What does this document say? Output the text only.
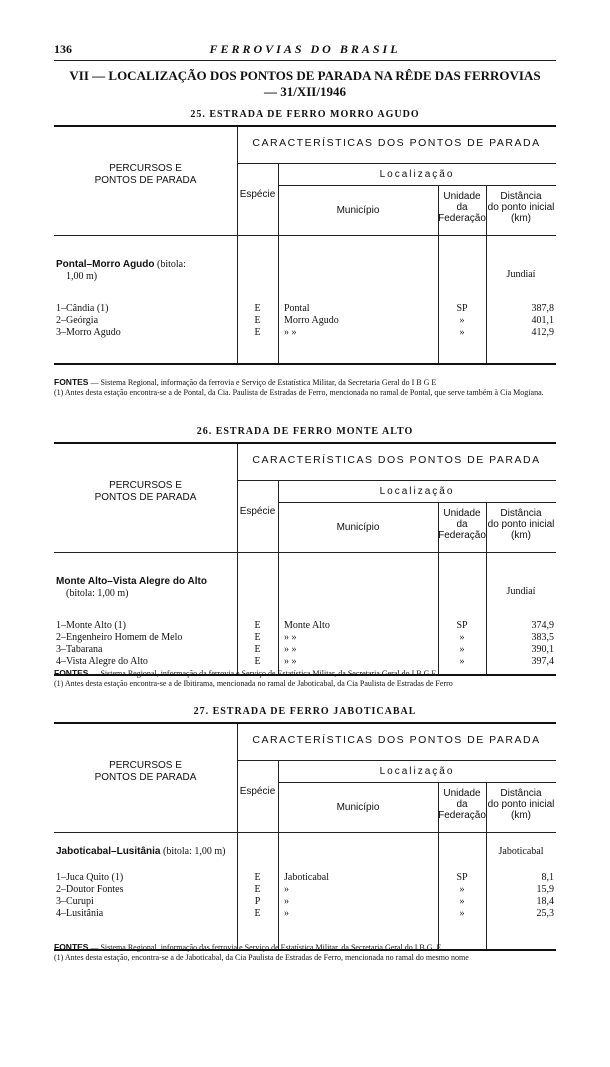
136	FERROVIAS DO BRASIL
VII — LOCALIZAÇÃO DOS PONTOS DE PARADA NA RÊDE DAS FERROVIAS
— 31/XII/1946
25. ESTRADA DE FERRO MORRO AGUDO
PERCURSOS E
PONTOS DE PARADA
CARACTERÍSTICAS DOS PONTOS DE PARADA
Localização
Espécie
Município
Unidade
da
Federação
Distância
do ponto inicial
(km)
Pontal–Morro Agudo (bitola:
1,00 m)	Jundiaí
1–Cândia (1)	E	Pontal	SP	387,8
2–Geórgia	E	Morro Agudo	»	401,1
3–Morro Agudo	E	» »	»	412,9
FONTES — Sistema Regional, informação da ferrovia e Serviço de Estatística Militar, da Secretaria Geral do I B G E
(1) Antes desta estação encontra-se a de Pontal, da Cia. Paulista de Estradas de Ferro, mencionada no ramal de Pontal, que serve também à Cia Mogiana.
26. ESTRADA DE FERRO MONTE ALTO
PERCURSOS E
PONTOS DE PARADA
CARACTERÍSTICAS DOS PONTOS DE PARADA
Localização
Espécie
Município
Unidade
da
Federação
Distância
do ponto inicial
(km)
Monte Alto–Vista Alegre do Alto
(bitola: 1,00 m)	Jundiaí
1–Monte Alto (1)	E	Monte Alto	SP	374,9
2–Engenheiro Homem de Melo	E	» »	»	383,5
3–Tabarana	E	» »	»	390,1
4–Vista Alegre do Alto	E	» »	»	397,4
FONTES — Sistema Regional, informação da ferrovia e Serviço de Estatística Militar, da Secretaria Geral do I B G E
(1) Antes desta estação encontra-se a de Ibitirama, mencionada no ramal de Jaboticabal, da Cia Paulista de Estradas de Ferro
27. ESTRADA DE FERRO JABOTICABAL
PERCURSOS E
PONTOS DE PARADA
CARACTERÍSTICAS DOS PONTOS DE PARADA
Localização
Espécie
Município
Unidade
da
Federação
Distância
do ponto inicial
(km)
Jaboticabal–Lusitânia (bitola: 1,00 m)	Jaboticabal
1–Juca Quito (1)	E	Jaboticabal	SP	8,1
2–Doutor Fontes	E	»	»	15,9
3–Curupi	P	»	»	18,4
4–Lusitânia	E	»	»	25,3
FONTES — Sistema Regional, informação das ferrovia e Serviço de Estatística Militar, da Secretaria Geral do I B G. E
(1) Antes desta estação, encontra-se a de Jaboticabal, da Cia Paulista de Estradas de Ferro, mencionada no ramal do mesmo nome
